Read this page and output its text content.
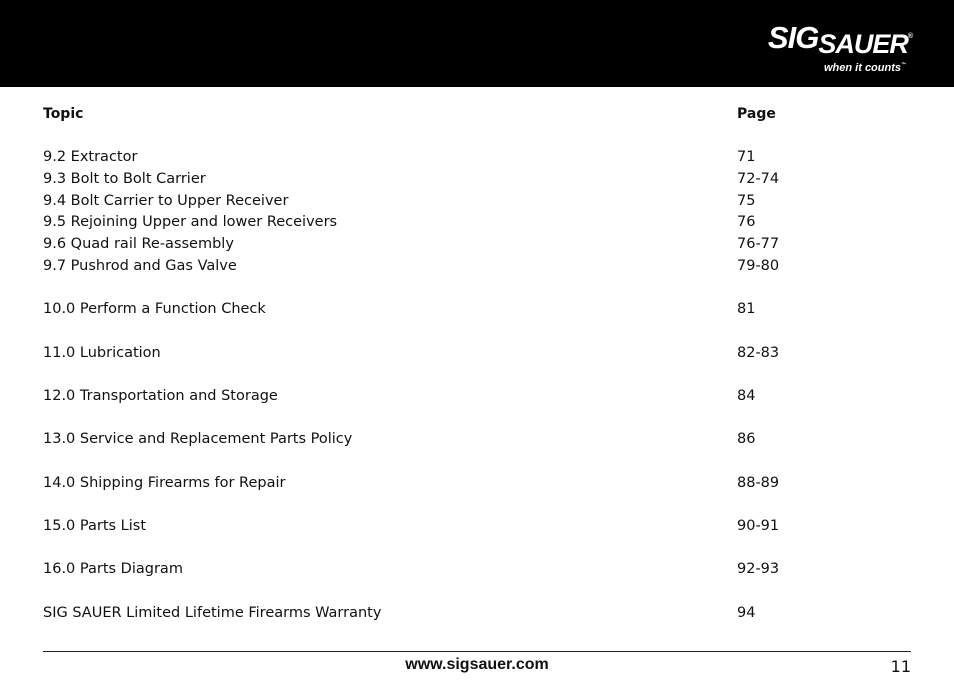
SIGSAUER®
when it counts™
Topic	Page
9.2 Extractor	71
9.3 Bolt to Bolt Carrier	72-74
9.4 Bolt Carrier to Upper Receiver	75
9.5 Rejoining Upper and lower Receivers	76
9.6 Quad rail Re-assembly	76-77
9.7 Pushrod and Gas Valve	79-80
10.0 Perform a Function Check	81
11.0 Lubrication	82-83
12.0 Transportation and Storage	84
13.0 Service and Replacement Parts Policy	86
14.0 Shipping Firearms for Repair	88-89
15.0 Parts List	90-91
16.0 Parts Diagram	92-93
SIG SAUER Limited Lifetime Firearms Warranty	94
www.sigsauer.com	11
